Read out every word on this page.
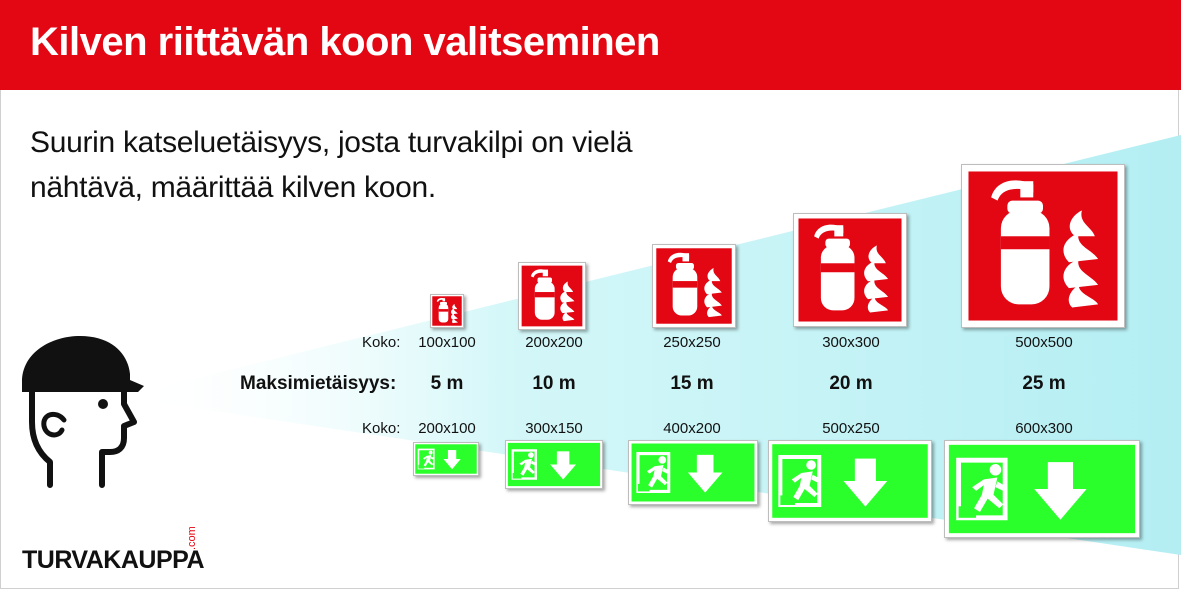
Kilven riittävän koon valitseminen
Suurin katseluetäisyys, josta turvakilpi on vielä
nähtävä, määrittää kilven koon.
Koko:
Maksimietäisyys:
Koko:
100x100
5 m
200x100
200x200
10 m
300x150
250x250
15 m
400x200
300x300
20 m
500x250
500x500
25 m
600x300
TURVAKAUPPA
.com
